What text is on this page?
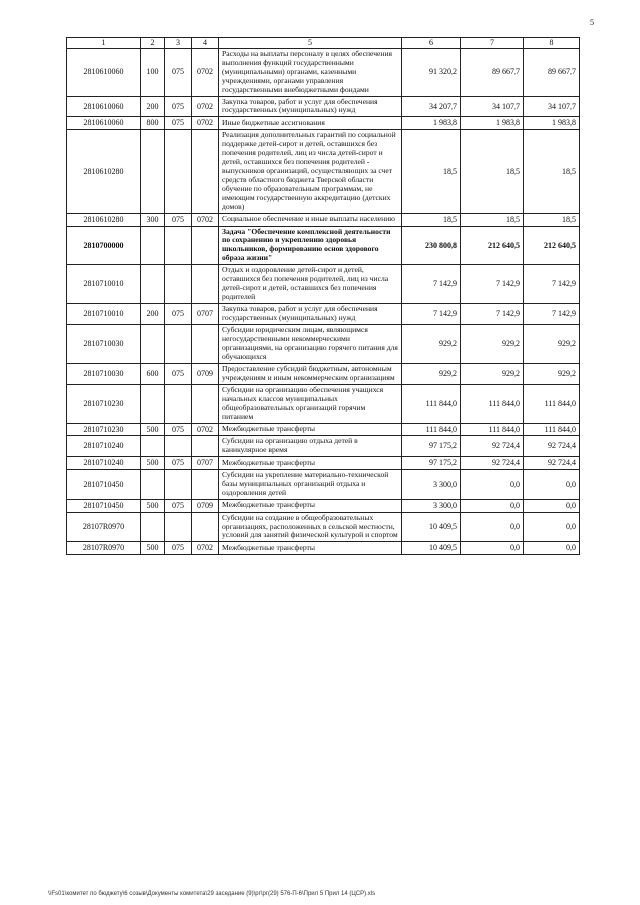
5
1	2	3	4	5	6	7	8
2810610060	100	075	0702	Расходы на выплаты персоналу в целях обеспечения выполнения функций государственными (муниципальными) органами, казенными учреждениями, органами управления государственными внебюджетными фондами	91 320,2	89 667,7	89 667,7
2810610060	200	075	0702	Закупка товаров, работ и услуг для обеспечения государственных (муниципальных) нужд	34 207,7	34 107,7	34 107,7
2810610060	800	075	0702	Иные бюджетные ассигнования	1 983,8	1 983,8	1 983,8
2810610280				Реализация дополнительных гарантий по социальной поддержке детей-сирот и детей, оставшихся без попечения родителей, лиц из числа детей-сирот и детей, оставшихся без попечения родителей - выпускников организаций, осуществляющих за счет средств областного бюджета Тверской области обучение по образовательным программам, не имеющим государственную аккредитацию (детских домов)	18,5	18,5	18,5
2810610280	300	075	0702	Социальное обеспечение и иные выплаты населению	18,5	18,5	18,5
2810700000				Задача "Обеспечение комплексной деятельности по сохранению и укреплению здоровья школьников, формированию основ здорового образа жизни"	230 800,8	212 640,5	212 640,5
2810710010				Отдых и оздоровление детей-сирот и детей, оставшихся без попечения родителей, лиц из числа детей-сирот и детей, оставшихся без попечения родителей	7 142,9	7 142,9	7 142,9
2810710010	200	075	0707	Закупка товаров, работ и услуг для обеспечения государственных (муниципальных) нужд	7 142,9	7 142,9	7 142,9
2810710030				Субсидии юридическим лицам, являющимся негосударственными некоммерческими организациями, на организацию горячего питания для обучающихся	929,2	929,2	929,2
2810710030	600	075	0709	Предоставление субсидий бюджетным, автономным учреждениям и иным некоммерческим организациям	929,2	929,2	929,2
2810710230				Субсидии на организацию обеспечения учащихся начальных классов муниципальных общеобразовательных организаций горячим питанием	111 844,0	111 844,0	111 844,0
2810710230	500	075	0702	Межбюджетные трансферты	111 844,0	111 844,0	111 844,0
2810710240				Субсидии на организацию отдыха детей в каникулярное время	97 175,2	92 724,4	92 724,4
2810710240	500	075	0707	Межбюджетные трансферты	97 175,2	92 724,4	92 724,4
2810710450				Субсидии на укрепление материально-технической базы муниципальных организаций отдыха и оздоровления детей	3 300,0	0,0	0,0
2810710450	500	075	0709	Межбюджетные трансферты	3 300,0	0,0	0,0
28107R0970				Субсидии на создание в общеобразовательных организациях, расположенных в сельской местности, условий для занятий физической культурой и спортом	10 409,5	0,0	0,0
28107R0970	500	075	0702	Межбюджетные трансферты	10 409,5	0,0	0,0
\\Fs01\комитет по бюджету\6 созыв\Документы комитета\29 заседание (9)\рг\рг(29) 576-П-6\Прил 5 Прил 14 (ЦСР).xls
